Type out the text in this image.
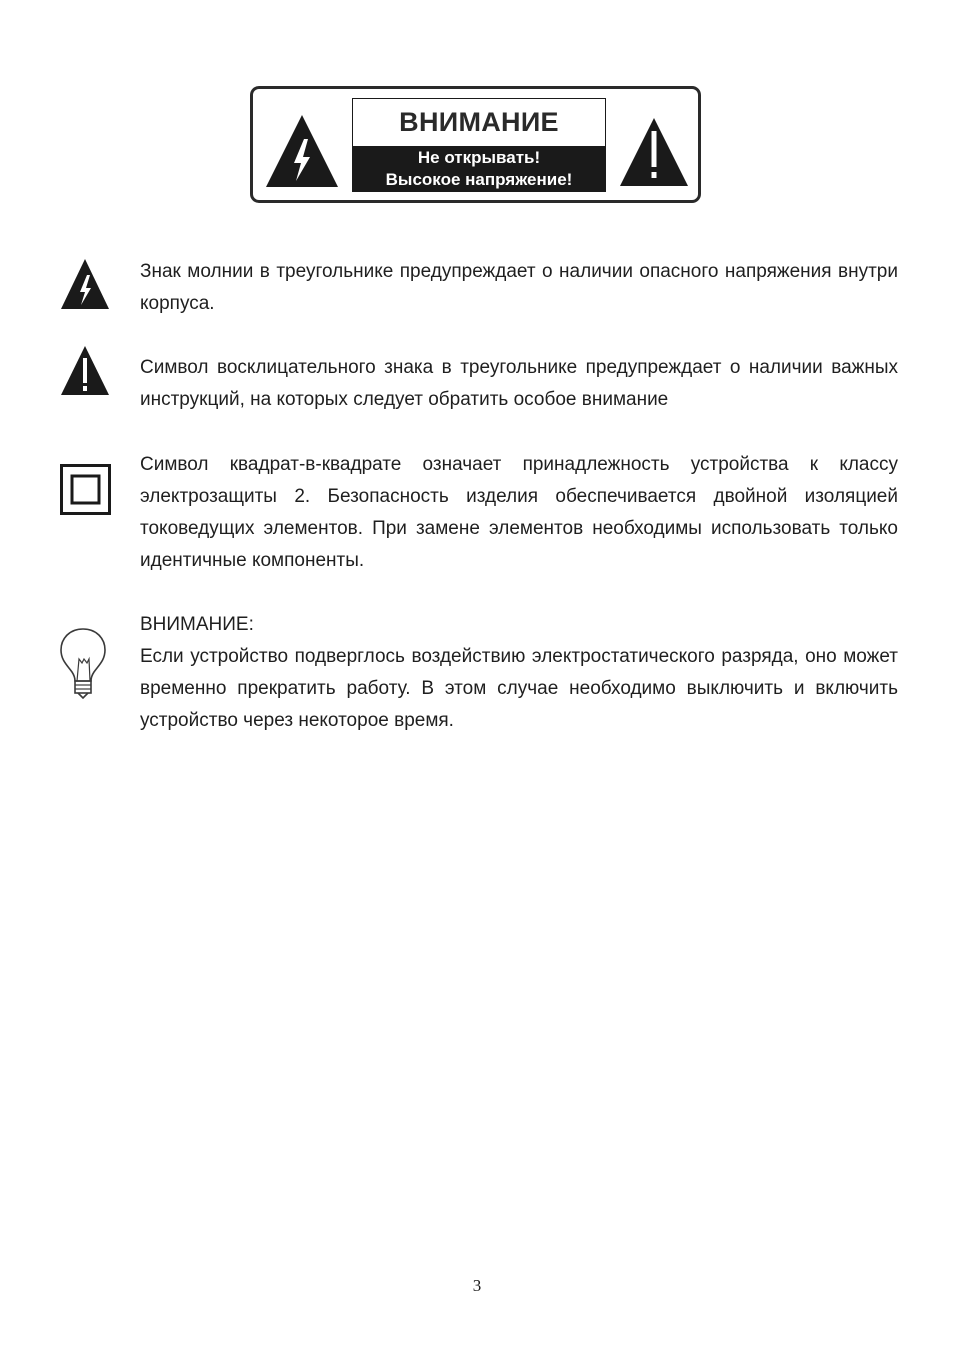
ВНИМАНИЕ
Не открывать!
Высокое напряжение!
Знак молнии в треугольнике предупреждает о наличии опасного напряжения внутри корпуса.
Символ восклицательного знака в треугольнике предупреждает о наличии важных инструкций, на которых следует обратить особое внимание
Символ квадрат-в-квадрате означает принадлежность устройства к классу электрозащиты 2. Безопасность изделия обеспечивается двойной изоляцией токоведущих элементов. При замене элементов необходимы использовать только идентичные компоненты.
ВНИМАНИЕ:
Если устройство подверглось воздействию электростатического разряда, оно может временно прекратить работу. В этом случае необходимо выключить и включить устройство через некоторое время.
3
